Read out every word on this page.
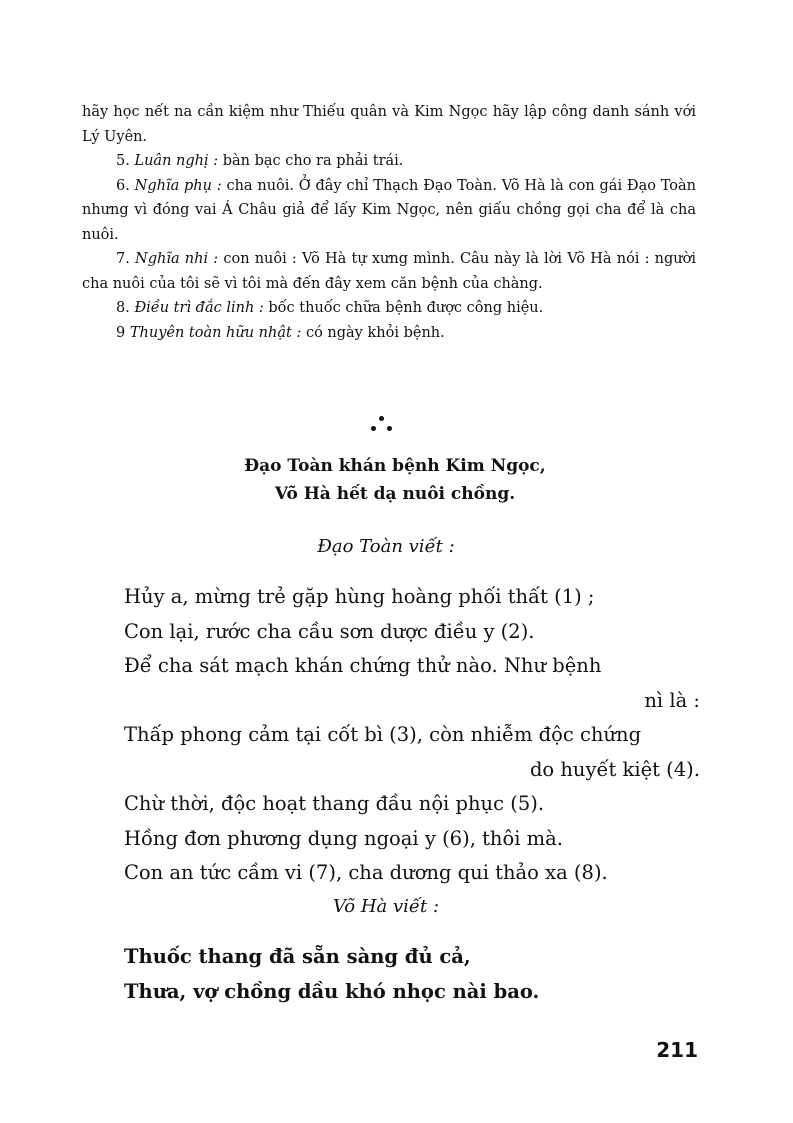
hãy học nết na cần kiệm như Thiếu quân và Kim Ngọc hãy lập công danh sánh với Lý Uyên.

5. Luân nghị : bàn bạc cho ra phải trái.

6. Nghĩa phụ : cha nuôi. Ở đây chỉ Thạch Đạo Toàn. Võ Hà là con gái Đạo Toàn nhưng vì đóng vai Á Châu giả để lấy Kim Ngọc, nên giấu chồng gọi cha để là cha nuôi.

7. Nghĩa nhi : con nuôi : Võ Hà tự xưng mình. Câu này là lời Võ Hà nói : người cha nuôi của tôi sẽ vì tôi mà đến đây xem căn bệnh của chàng.

8. Điều trì đắc linh : bốc thuốc chữa bệnh được công hiệu.

9 Thuyên toàn hữu nhật : có ngày khỏi bệnh.

Đạo Toàn khán bệnh Kim Ngọc,
Võ Hà hết dạ nuôi chồng.
Đạo Toàn viết :

Hủy a, mừng trẻ gặp hùng hoàng phối thất (1) ;

Con lại, rước cha cầu sơn dược điều y (2).

Để cha sát mạch khán chứng thử nào. Như bệnh

nì là :

Thấp phong cảm tại cốt bì (3), còn nhiễm độc chứng

do huyết kiệt (4).

Chừ thời, độc hoạt thang đầu nội phục (5).

Hồng đơn phương dụng ngoại y (6), thôi mà.

Con an tức cầm vi (7), cha dương qui thảo xa (8).

Võ Hà viết :

Thuốc thang đã sẵn sàng đủ cả,

Thưa, vợ chồng dầu khó nhọc nài bao.

211
